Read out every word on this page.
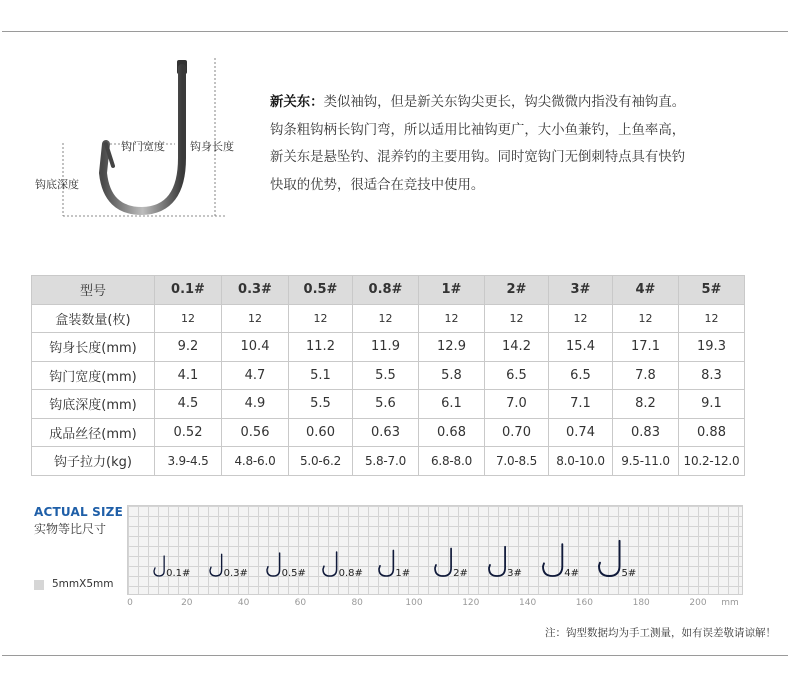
钩门宽度 钩身长度
钩底深度
新关东：类似袖钩，但是新关东钩尖更长，钩尖微微内指没有袖钩直。
钩条粗钩柄长钩门弯，所以适用比袖钩更广，大小鱼兼钓，上鱼率高，
新关东是悬坠钓、混养钓的主要用钩。同时宽钩门无倒刺特点具有快钓
快取的优势，很适合在竞技中使用。
型号	0.1#	0.3#	0.5#	0.8#	1#	2#	3#	4#	5#
盒装数量(枚)	12	12	12	12	12	12	12	12	12
钩身长度(mm)	9.2	10.4	11.2	11.9	12.9	14.2	15.4	17.1	19.3
钩门宽度(mm)	4.1	4.7	5.1	5.5	5.8	6.5	6.5	7.8	8.3
钩底深度(mm)	4.5	4.9	5.5	5.6	6.1	7.0	7.1	8.2	9.1
成品丝径(mm)	0.52	0.56	0.60	0.63	0.68	0.70	0.74	0.83	0.88
钩子拉力(kg)	3.9-4.5	4.8-6.0	5.0-6.2	5.8-7.0	6.8-8.0	7.0-8.5	8.0-10.0	9.5-11.0	10.2-12.0
ACTUAL SIZE
实物等比尺寸
0.1#	0.3#	0.5#	0.8#	1#	2#	3#	4#	5#
5mmX5mm
0	20	40	60	80	100	120	140	160	180	200 mm
注：钩型数据均为手工测量，如有误差敬请谅解！
